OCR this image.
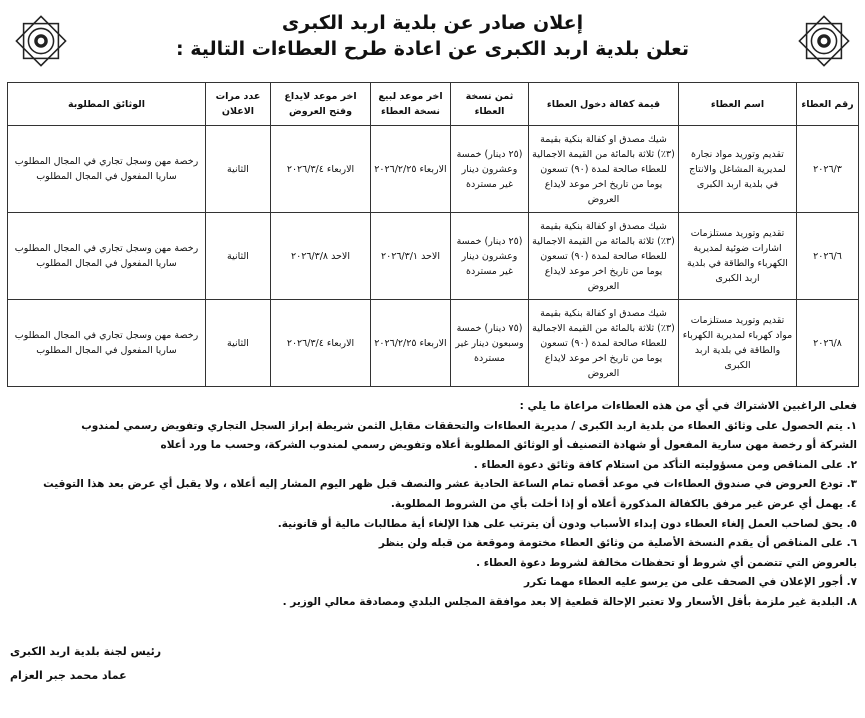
إعلان صادر عن بلدية اربد الكبرى
تعلن بلدية اربد الكبرى عن اعادة طرح العطاءات التالية :
رقم العطاء	اسم العطاء	قيمة كفالة دخول العطاء	ثمن نسخة العطاء	اخر موعد لبيع نسخة العطاء	اخر موعد لايداع وفتح العروض	عدد مرات الاعلان	الوثائق المطلوبة
٢٠٢٦/٣	تقديم وتوريد مواد نجارة لمديرية المشاغل والانتاج في بلدية اربد الكبرى	شيك مصدق او كفالة بنكية بقيمة (٣٪) ثلاثة بالمائة من القيمة الاجمالية للعطاء صالحة لمدة (٩٠) تسعون يوما من تاريخ اخر موعد لايداع العروض	(٢٥ دينار) خمسة وعشرون دينار غير مستردة	الاربعاء ٢٠٢٦/٢/٢٥	الاربعاء ٢٠٢٦/٣/٤	الثانية	رخصة مهن وسجل تجاري في المجال المطلوب ساريا المفعول في المجال المطلوب
٢٠٢٦/٦	تقديم وتوريد مستلزمات اشارات ضوئية لمديرية الكهرباء والطاقة في بلدية اربد الكبرى	شيك مصدق او كفالة بنكية بقيمة (٣٪) ثلاثة بالمائة من القيمة الاجمالية للعطاء صالحة لمدة (٩٠) تسعون يوما من تاريخ اخر موعد لايداع العروض	(٢٥ دينار) خمسة وعشرون دينار غير مستردة	الاحد ٢٠٢٦/٣/١	الاحد ٢٠٢٦/٣/٨	الثانية	رخصة مهن وسجل تجاري في المجال المطلوب ساريا المفعول في المجال المطلوب
٢٠٢٦/٨	تقديم وتوريد مستلزمات مواد كهرباء لمديرية الكهرباء والطاقة في بلدية اربد الكبرى	شيك مصدق او كفالة بنكية بقيمة (٣٪) ثلاثة بالمائة من القيمة الاجمالية للعطاء صالحة لمدة (٩٠) تسعون يوما من تاريخ اخر موعد لايداع العروض	(٧٥ دينار) خمسة وسبعون دينار غير مستردة	الاربعاء ٢٠٢٦/٢/٢٥	الاربعاء ٢٠٢٦/٣/٤	الثانية	رخصة مهن وسجل تجاري في المجال المطلوب ساريا المفعول في المجال المطلوب
فعلى الراغبين الاشتراك في أي من هذه العطاءات مراعاة ما يلي :
١. يتم الحصول على وثائق العطاء من بلدية اربد الكبرى / مديرية العطاءات والتحققات مقابل الثمن شريطة إبراز السجل التجاري وتفويض رسمي لمندوب
الشركة أو رخصة مهن سارية المفعول أو شهادة التصنيف أو الوثائق المطلوبة أعلاه وتفويض رسمي لمندوب الشركة، وحسب ما ورد أعلاه
٢. على المناقص ومن مسؤوليته التأكد من استلام كافة وثائق دعوة العطاء .
٣. تودع العروض في صندوق العطاءات في موعد أقصاه تمام الساعة الحادية عشر والنصف قبل ظهر اليوم المشار إليه أعلاه ، ولا يقبل أي عرض بعد هذا التوقيت
٤. يهمل أي عرض غير مرفق بالكفالة المذكورة أعلاه أو إذا أخلت بأي من الشروط المطلوبة.
٥. يحق لصاحب العمل إلغاء العطاء دون إبداء الأسباب ودون أن يترتب على هذا الإلغاء أية مطالبات مالية أو قانونية.
٦. على المناقص أن يقدم النسخة الأصلية من وثائق العطاء مختومة وموقعة من قبله ولن ينظر
بالعروض التي تتضمن أي شروط أو تحفظات مخالفة لشروط دعوة العطاء .
٧. أجور الإعلان في الصحف على من يرسو عليه العطاء مهما تكرر
٨. البلدية غير ملزمة بأقل الأسعار ولا تعتبر الإحالة قطعية إلا بعد موافقة المجلس البلدي ومصادقة معالي الوزير .
رئيس لجنة بلدية اربد الكبرى
عماد محمد جبر العزام
